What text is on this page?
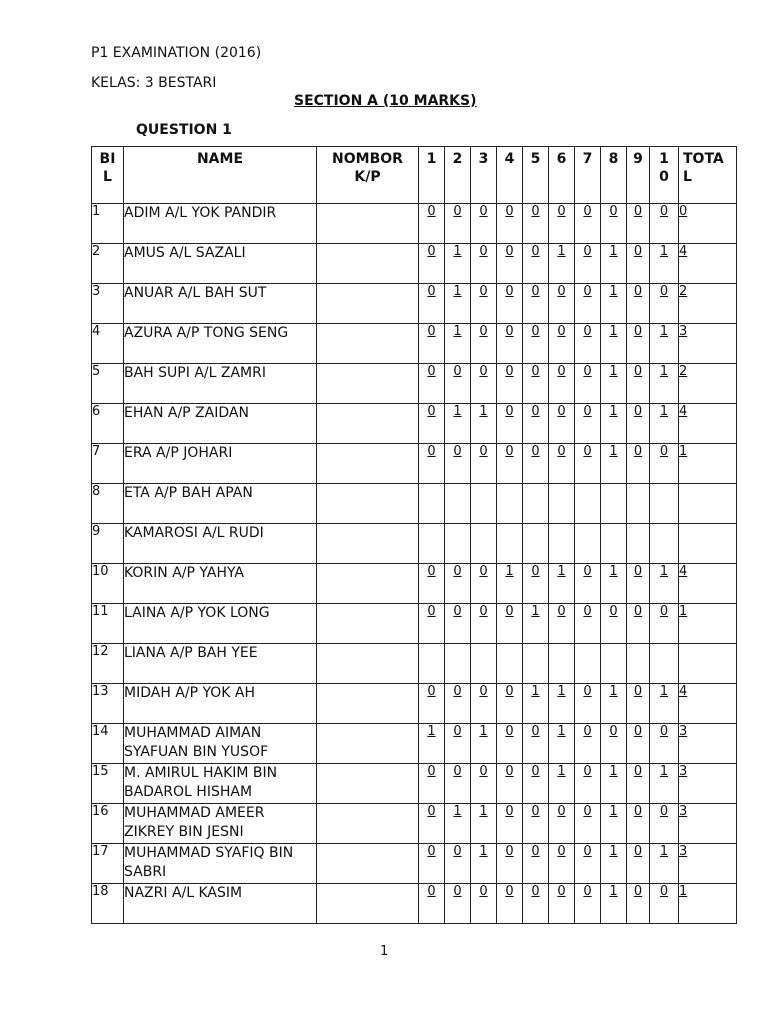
P1 EXAMINATION (2016)
KELAS: 3 BESTARI
SECTION A (10 MARKS)
QUESTION 1
BI L	NAME	NOMBOR K/P	1	2	3	4	5	6	7	8	9	1 0	TOTA L
1	ADIM A/L YOK PANDIR		0	0	0	0	0	0	0	0	0	0	0
2	AMUS A/L SAZALI		0	1	0	0	0	1	0	1	0	1	4
3	ANUAR A/L BAH SUT		0	1	0	0	0	0	0	1	0	0	2
4	AZURA A/P TONG SENG		0	1	0	0	0	0	0	1	0	1	3
5	BAH SUPI A/L ZAMRI		0	0	0	0	0	0	0	1	0	1	2
6	EHAN A/P ZAIDAN		0	1	1	0	0	0	0	1	0	1	4
7	ERA A/P JOHARI		0	0	0	0	0	0	0	1	0	0	1
8	ETA A/P BAH APAN												
9	KAMAROSI A/L RUDI												
10	KORIN A/P YAHYA		0	0	0	1	0	1	0	1	0	1	4
11	LAINA A/P YOK LONG		0	0	0	0	1	0	0	0	0	0	1
12	LIANA A/P BAH YEE												
13	MIDAH A/P YOK AH		0	0	0	0	1	1	0	1	0	1	4
14	MUHAMMAD AIMAN SYAFUAN BIN YUSOF		1	0	1	0	0	1	0	0	0	0	3
15	M. AMIRUL HAKIM BIN BADAROL HISHAM		0	0	0	0	0	1	0	1	0	1	3
16	MUHAMMAD AMEER ZIKREY BIN JESNI		0	1	1	0	0	0	0	1	0	0	3
17	MUHAMMAD SYAFIQ BIN SABRI		0	0	1	0	0	0	0	1	0	1	3
18	NAZRI A/L KASIM		0	0	0	0	0	0	0	1	0	0	1
1
